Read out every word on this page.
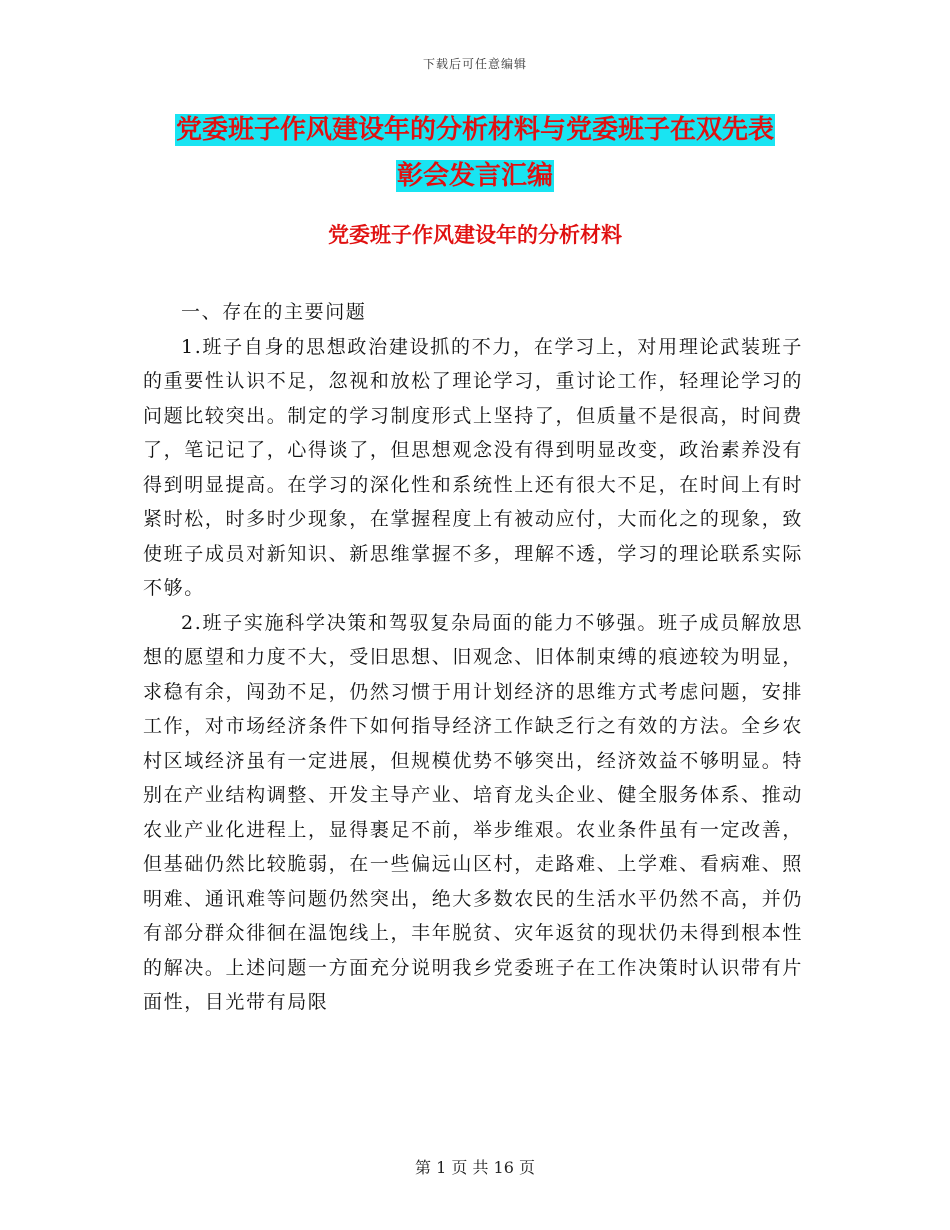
下载后可任意编辑
党委班子作风建设年的分析材料与党委班子在双先表
彰会发言汇编
党委班子作风建设年的分析材料

一、存在的主要问题

1.班子自身的思想政治建设抓的不力，在学习上，对用理论武装班子的重要性认识不足，忽视和放松了理论学习，重讨论工作，轻理论学习的问题比较突出。制定的学习制度形式上坚持了，但质量不是很高，时间费了，笔记记了，心得谈了，但思想观念没有得到明显改变，政治素养没有得到明显提高。在学习的深化性和系统性上还有很大不足，在时间上有时紧时松，时多时少现象，在掌握程度上有被动应付，大而化之的现象，致使班子成员对新知识、新思维掌握不多，理解不透，学习的理论联系实际不够。

2.班子实施科学决策和驾驭复杂局面的能力不够强。班子成员解放思想的愿望和力度不大，受旧思想、旧观念、旧体制束缚的痕迹较为明显，求稳有余，闯劲不足，仍然习惯于用计划经济的思维方式考虑问题，安排工作，对市场经济条件下如何指导经济工作缺乏行之有效的方法。全乡农村区域经济虽有一定进展，但规模优势不够突出，经济效益不够明显。特别在产业结构调整、开发主导产业、培育龙头企业、健全服务体系、推动农业产业化进程上，显得裹足不前，举步维艰。农业条件虽有一定改善，但基础仍然比较脆弱，在一些偏远山区村，走路难、上学难、看病难、照明难、通讯难等问题仍然突出，绝大多数农民的生活水平仍然不高，并仍有部分群众徘徊在温饱线上，丰年脱贫、灾年返贫的现状仍未得到根本性的解决。上述问题一方面充分说明我乡党委班子在工作决策时认识带有片面性，目光带有局限

第 1 页 共 16 页
